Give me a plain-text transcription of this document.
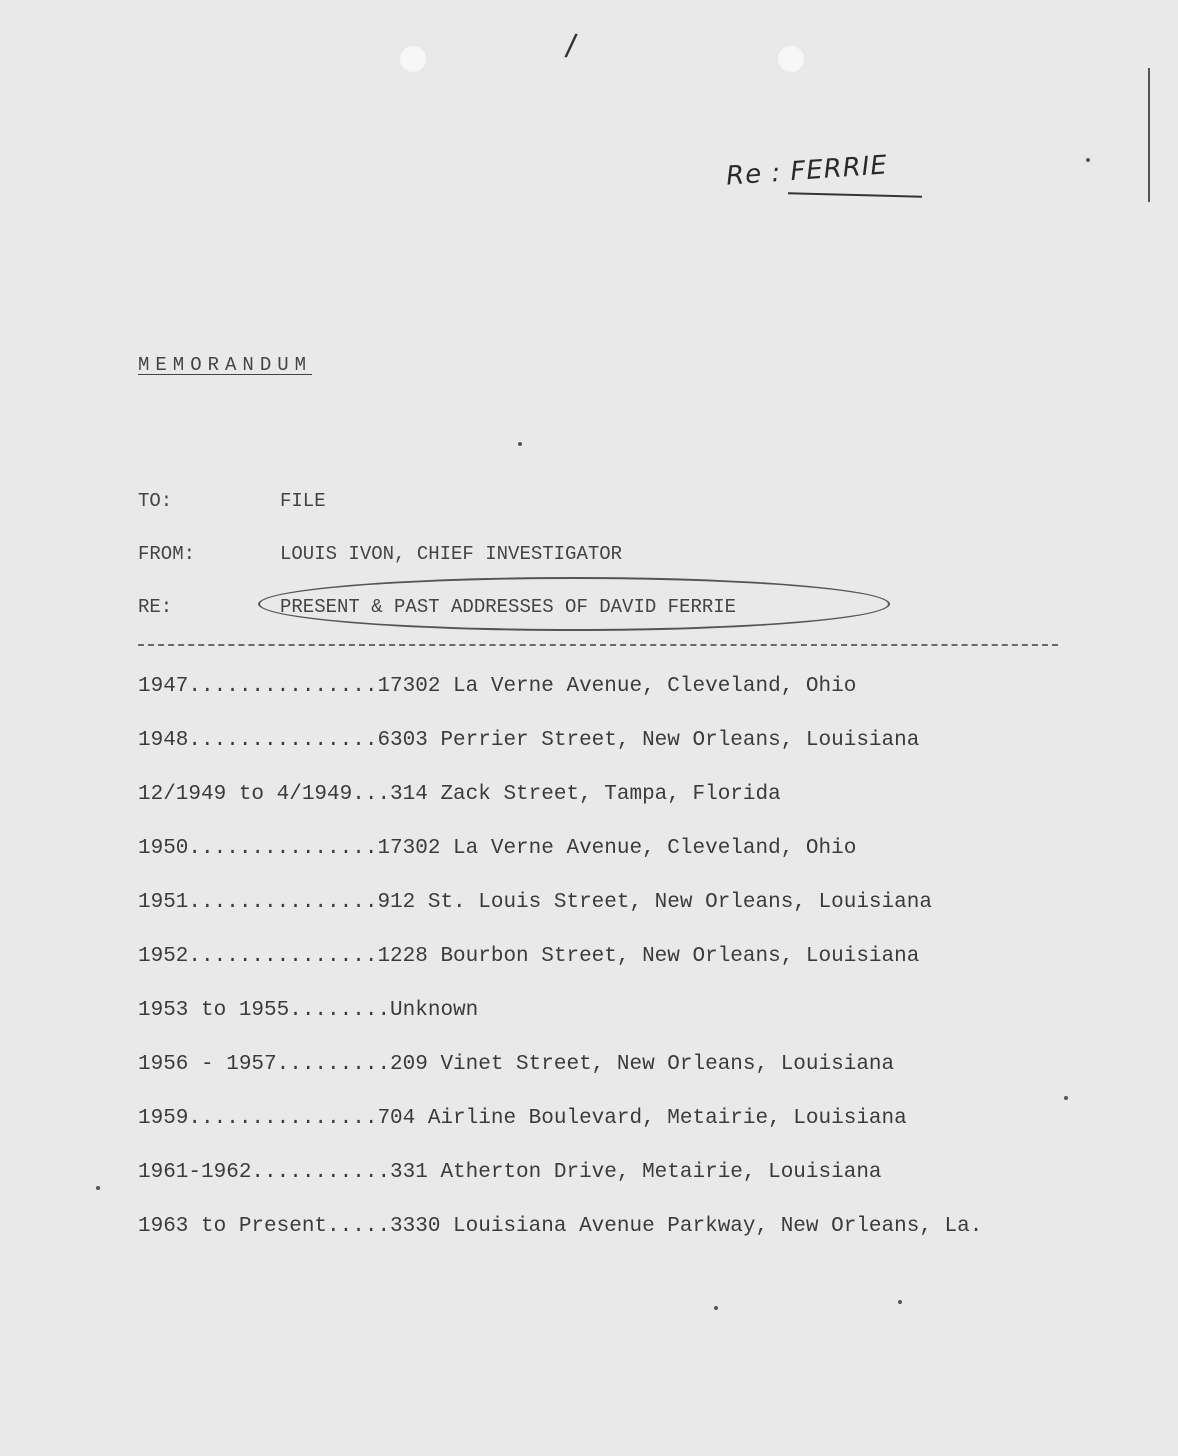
/
Re : FERRIE
MEMORANDUM
TO:	FILE
FROM:	LOUIS IVON, CHIEF INVESTIGATOR
RE:	PRESENT & PAST ADDRESSES OF DAVID FERRIE
1947...............17302 La Verne Avenue, Cleveland, Ohio
1948...............6303 Perrier Street, New Orleans, Louisiana
12/1949 to 4/1949...314 Zack Street, Tampa, Florida
1950...............17302 La Verne Avenue, Cleveland, Ohio
1951...............912 St. Louis Street, New Orleans, Louisiana
1952...............1228 Bourbon Street, New Orleans, Louisiana
1953 to 1955........Unknown
1956 - 1957.........209 Vinet Street, New Orleans, Louisiana
1959...............704 Airline Boulevard, Metairie, Louisiana
1961-1962...........331 Atherton Drive, Metairie, Louisiana
1963 to Present.....3330 Louisiana Avenue Parkway, New Orleans, La.
